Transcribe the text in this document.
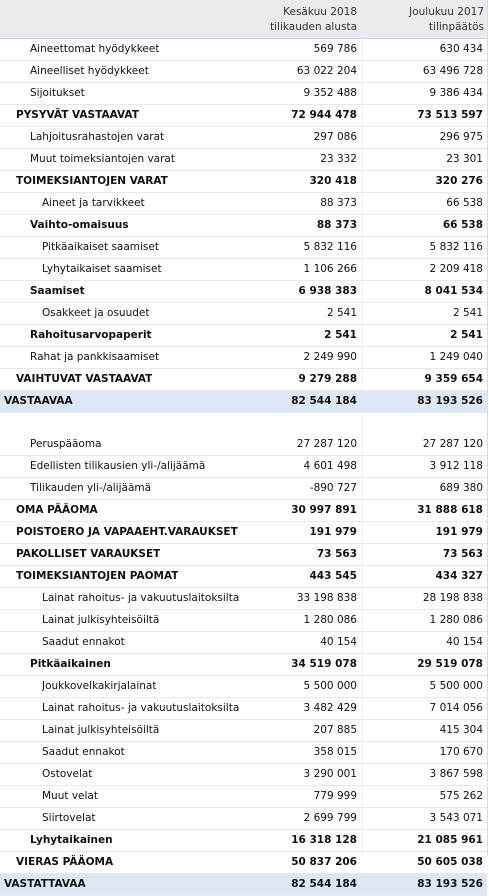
Kesäkuu 2018
tilikauden alusta
Joulukuu 2017
tilinpäätös
Aineettomat hyödykkeet	569 786	630 434
Aineelliset hyödykkeet	63 022 204	63 496 728
Sijoitukset	9 352 488	9 386 434
PYSYVÄT VASTAAVAT	72 944 478	73 513 597
Lahjoitusrahastojen varat	297 086	296 975
Muut toimeksiantojen varat	23 332	23 301
TOIMEKSIANTOJEN VARAT	320 418	320 276
Aineet ja tarvikkeet	88 373	66 538
Vaihto-omaisuus	88 373	66 538
Pitkäaikaiset saamiset	5 832 116	5 832 116
Lyhytaikaiset saamiset	1 106 266	2 209 418
Saamiset	6 938 383	8 041 534
Osakkeet ja osuudet	2 541	2 541
Rahoitusarvopaperit	2 541	2 541
Rahat ja pankkisaamiset	2 249 990	1 249 040
VAIHTUVAT VASTAAVAT	9 279 288	9 359 654
VASTAAVAA	82 544 184	83 193 526
Peruspääoma	27 287 120	27 287 120
Edellisten tilikausien yli-/alijäämä	4 601 498	3 912 118
Tilikauden yli-/alijäämä	-890 727	689 380
OMA PÄÄOMA	30 997 891	31 888 618
POISTOERO JA VAPAAEHT.VARAUKSET	191 979	191 979
PAKOLLISET VARAUKSET	73 563	73 563
TOIMEKSIANTOJEN PAOMAT	443 545	434 327
Lainat rahoitus- ja vakuutuslaitoksilta	33 198 838	28 198 838
Lainat julkisyhteisöiltä	1 280 086	1 280 086
Saadut ennakot	40 154	40 154
Pitkäaikainen	34 519 078	29 519 078
Joukkovelkakirjalainat	5 500 000	5 500 000
Lainat rahoitus- ja vakuutuslaitoksilta	3 482 429	7 014 056
Lainat julkisyhteisöiltä	207 885	415 304
Saadut ennakot	358 015	170 670
Ostovelat	3 290 001	3 867 598
Muut velat	779 999	575 262
Siirtovelat	2 699 799	3 543 071
Lyhytaikainen	16 318 128	21 085 961
VIERAS PÄÄOMA	50 837 206	50 605 038
VASTATTAVAA	82 544 184	83 193 526
